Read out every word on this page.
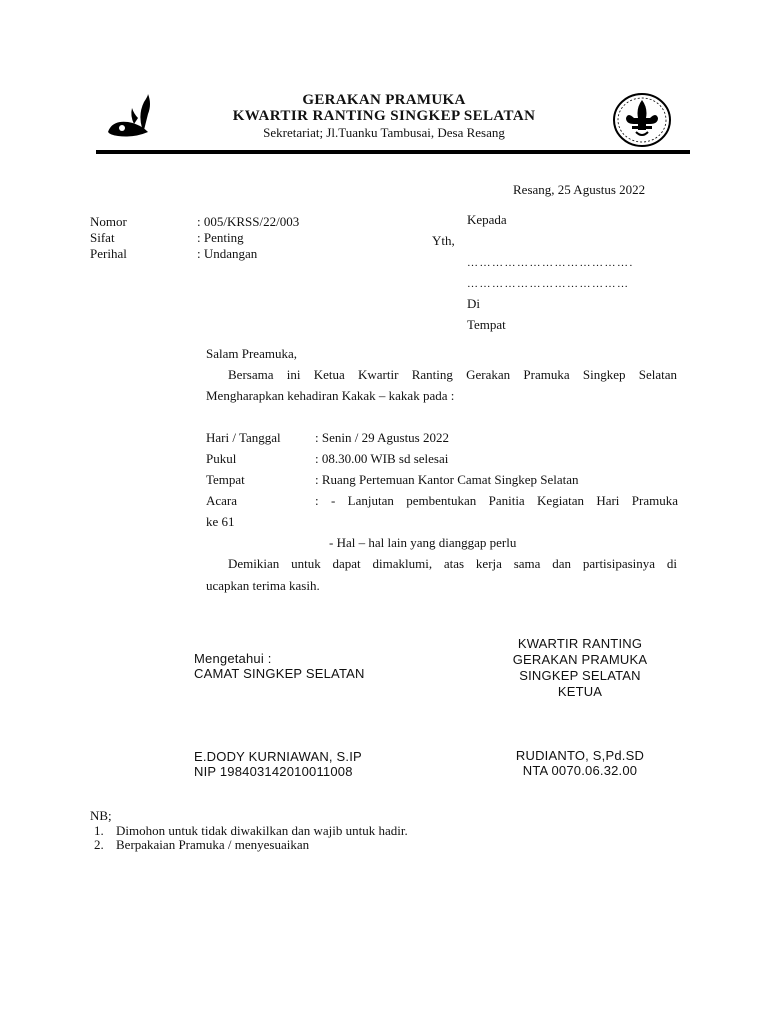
GERAKAN PRAMUKA
KWARTIR RANTING SINGKEP SELATAN
Sekretariat; Jl.Tuanku Tambusai, Desa Resang
Resang, 25 Agustus 2022
Nomor	: 005/KRSS/22/003
Sifat	: Penting
Perihal	: Undangan
Kepada
Yth,
………………………………….
…………………………………
Di
Tempat
Salam Preamuka,
Bersama ini Ketua Kwartir Ranting Gerakan Pramuka Singkep Selatan
Mengharapkan kehadiran Kakak – kakak pada :
Hari / Tanggal	: Senin / 29 Agustus 2022
Pukul	: 08.30.00 WIB sd selesai
Tempat	: Ruang Pertemuan Kantor Camat Singkep Selatan
Acara	: - Lanjutan pembentukan Panitia Kegiatan Hari Pramuka
ke 61
- Hal – hal lain yang dianggap perlu
Demikian untuk dapat dimaklumi, atas kerja sama dan partisipasinya di
ucapkan terima kasih.
Mengetahui :
CAMAT SINGKEP SELATAN
E.DODY KURNIAWAN, S.IP
NIP 198403142010011008
KWARTIR RANTING
GERAKAN PRAMUKA
SINGKEP SELATAN
KETUA
RUDIANTO, S,Pd.SD
NTA 0070.06.32.00
NB;
1. Dimohon untuk tidak diwakilkan dan wajib untuk hadir.
2. Berpakaian Pramuka / menyesuaikan
